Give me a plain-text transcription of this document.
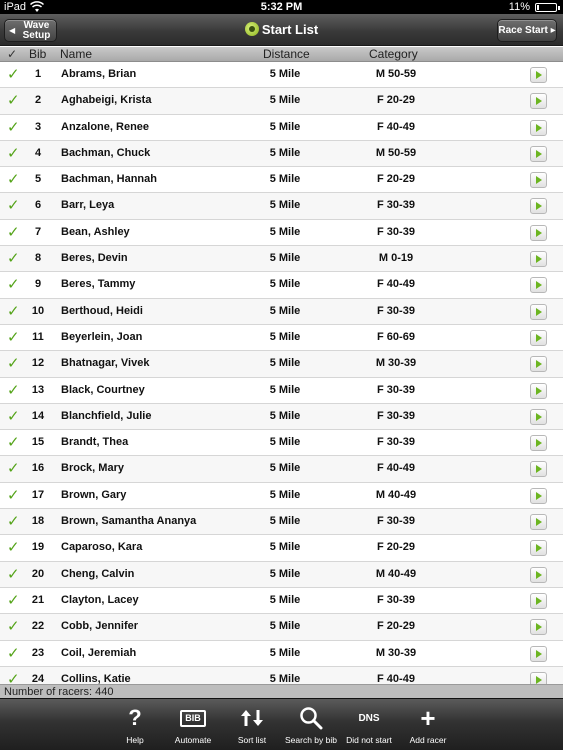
iPad	5:32 PM	11%
◀ Wave
Setup	Start List	Race Start ▸
✓ Bib Name	Distance	Category
✓	1	Abrams, Brian	5 Mile	M 50-59
✓	2	Aghabeigi, Krista	5 Mile	F 20-29
✓	3	Anzalone, Renee	5 Mile	F 40-49
✓	4	Bachman, Chuck	5 Mile	M 50-59
✓	5	Bachman, Hannah	5 Mile	F 20-29
✓	6	Barr, Leya	5 Mile	F 30-39
✓	7	Bean, Ashley	5 Mile	F 30-39
✓	8	Beres, Devin	5 Mile	M 0-19
✓	9	Beres, Tammy	5 Mile	F 40-49
✓	10	Berthoud, Heidi	5 Mile	F 30-39
✓	11	Beyerlein, Joan	5 Mile	F 60-69
✓	12	Bhatnagar, Vivek	5 Mile	M 30-39
✓	13	Black, Courtney	5 Mile	F 30-39
✓	14	Blanchfield, Julie	5 Mile	F 30-39
✓	15	Brandt, Thea	5 Mile	F 30-39
✓	16	Brock, Mary	5 Mile	F 40-49
✓	17	Brown, Gary	5 Mile	M 40-49
✓	18	Brown, Samantha Ananya	5 Mile	F 30-39
✓	19	Caparoso, Kara	5 Mile	F 20-29
✓	20	Cheng, Calvin	5 Mile	M 40-49
✓	21	Clayton, Lacey	5 Mile	F 30-39
✓	22	Cobb, Jennifer	5 Mile	F 20-29
✓	23	Coil, Jeremiah	5 Mile	M 30-39
✓	24	Collins, Katie	5 Mile	F 40-49
Number of racers: 440
?
Help
BIB
Automate	Sort list	Search by bib
DNS
Did not start
+
Add racer
